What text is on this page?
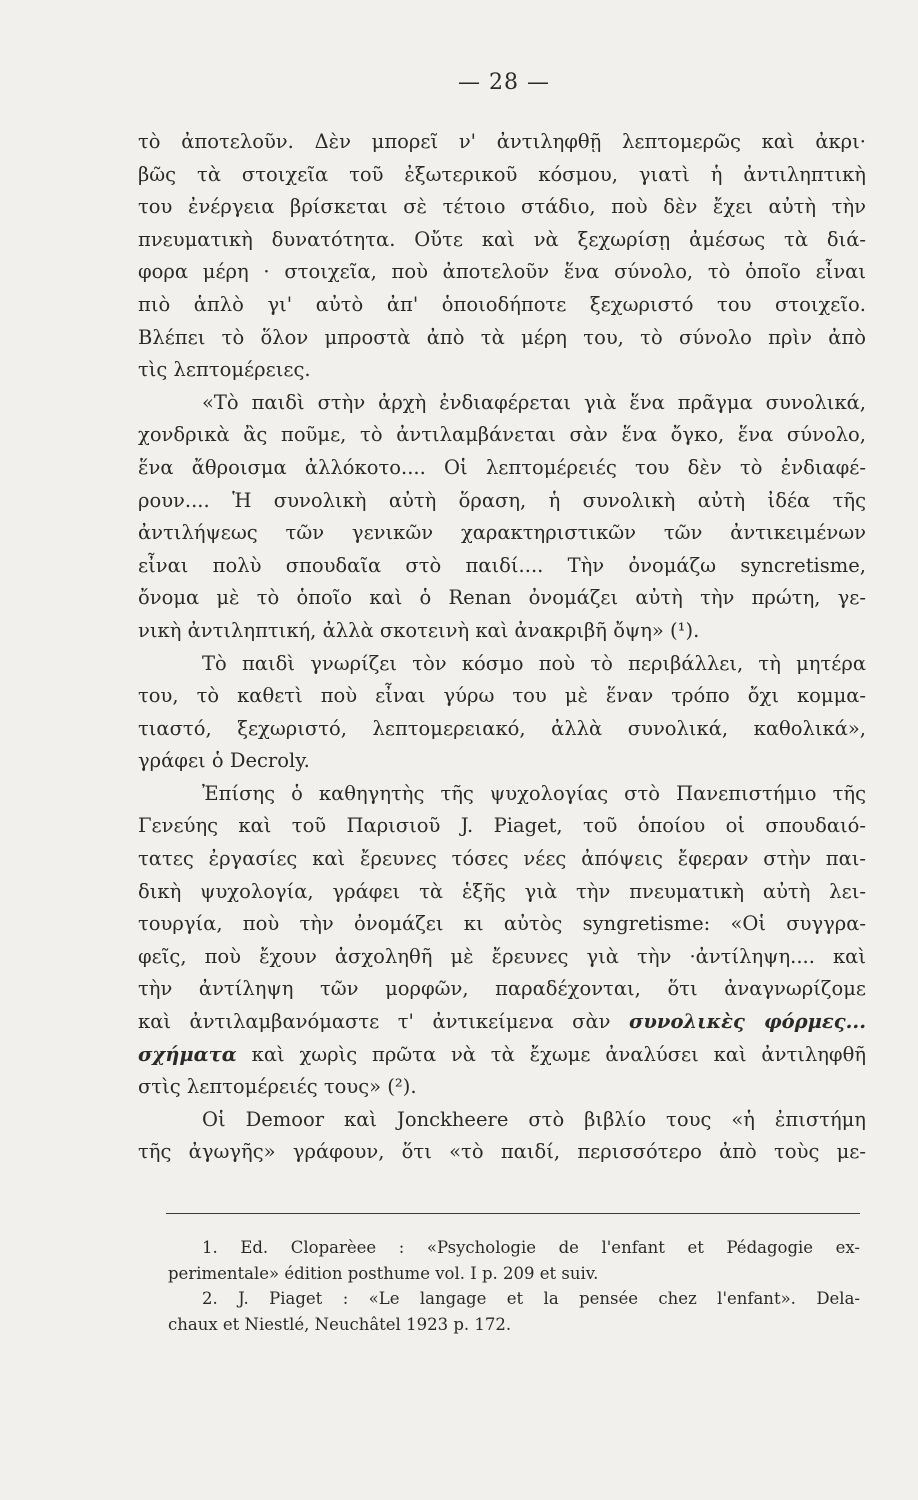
— 28 —
τὸ ἀποτελοῦν. Δὲν μπορεῖ ν' ἀντιληφθῇ λεπτομερῶς καὶ ἀκρι·
βῶς τὰ στοιχεῖα τοῦ ἐξωτερικοῦ κόσμου, γιατὶ ἡ ἀντιληπτικὴ
του ἐνέργεια βρίσκεται σὲ τέτοιο στάδιο, ποὺ δὲν ἔχει αὐτὴ τὴν
πνευματικὴ δυνατότητα. Οὔτε καὶ νὰ ξεχωρίσῃ ἀμέσως τὰ διά-
φορα μέρη · στοιχεῖα, ποὺ ἀποτελοῦν ἕνα σύνολο, τὸ ὁποῖο εἶναι
πιὸ ἁπλὸ γι' αὐτὸ ἀπ' ὁποιοδήποτε ξεχωριστό του στοιχεῖο.
Βλέπει τὸ ὅλον μπροστὰ ἀπὸ τὰ μέρη του, τὸ σύνολο πρὶν ἀπὸ
τὶς λεπτομέρειες.
«Τὸ παιδὶ στὴν ἀρχὴ ἐνδιαφέρεται γιὰ ἕνα πρᾶγμα συνολικά,
χονδρικὰ ἂς ποῦμε, τὸ ἀντιλαμβάνεται σὰν ἕνα ὄγκο, ἕνα σύνολο,
ἕνα ἄθροισμα ἀλλόκοτο.... Οἱ λεπτομέρειές του δὲν τὸ ἐνδιαφέ-
ρουν.... Ἡ συνολικὴ αὐτὴ ὅραση, ἡ συνολικὴ αὐτὴ ἰδέα τῆς
ἀντιλήψεως τῶν γενικῶν χαρακτηριστικῶν τῶν ἀντικειμένων
εἶναι πολὺ σπουδαῖα στὸ παιδί.... Τὴν ὀνομάζω syncretisme,
ὄνομα μὲ τὸ ὁποῖο καὶ ὁ Renan ὀνομάζει αὐτὴ τὴν πρώτη, γε-
νικὴ ἀντιληπτική, ἀλλὰ σκοτεινὴ καὶ ἀνακριβῆ ὄψη» (¹).
Τὸ παιδὶ γνωρίζει τὸν κόσμο ποὺ τὸ περιβάλλει, τὴ μητέρα
του, τὸ καθετὶ ποὺ εἶναι γύρω του μὲ ἕναν τρόπο ὄχι κομμα-
τιαστό, ξεχωριστό, λεπτομερειακό, ἀλλὰ συνολικά, καθολικά»,
γράφει ὁ Decroly.
Ἐπίσης ὁ καθηγητὴς τῆς ψυχολογίας στὸ Πανεπιστήμιο τῆς
Γενεύης καὶ τοῦ Παρισιοῦ J. Piaget, τοῦ ὁποίου οἱ σπουδαιό-
τατες ἐργασίες καὶ ἔρευνες τόσες νέες ἀπόψεις ἔφεραν στὴν παι-
δικὴ ψυχολογία, γράφει τὰ ἑξῆς γιὰ τὴν πνευματικὴ αὐτὴ λει-
τουργία, ποὺ τὴν ὀνομάζει κι αὐτὸς syngretisme: «Οἱ συγγρα-
φεῖς, ποὺ ἔχουν ἀσχοληθῆ μὲ ἔρευνες γιὰ τὴν ·ἀντίληψη.... καὶ
τὴν ἀντίληψη τῶν μορφῶν, παραδέχονται, ὅτι ἀναγνωρίζομε
καὶ ἀντιλαμβανόμαστε τ' ἀντικείμενα σὰν συνολικὲς φόρμες...
σχήματα καὶ χωρὶς πρῶτα νὰ τὰ ἔχωμε ἀναλύσει καὶ ἀντιληφθῆ
στὶς λεπτομέρειές τους» (²).
Οἱ Demoor καὶ Jonckheere στὸ βιβλίο τους «ἡ ἐπιστήμη
τῆς ἀγωγῆς» γράφουν, ὅτι «τὸ παιδί, περισσότερο ἀπὸ τοὺς με-
1. Ed. Cloparèee : «Psychologie de l'enfant et Pédagogie ex-
perimentale» édition posthume vol. I p. 209 et suiv.
2. J. Piaget : «Le langage et la pensée chez l'enfant». Dela-
chaux et Niestlé, Neuchâtel 1923 p. 172.
